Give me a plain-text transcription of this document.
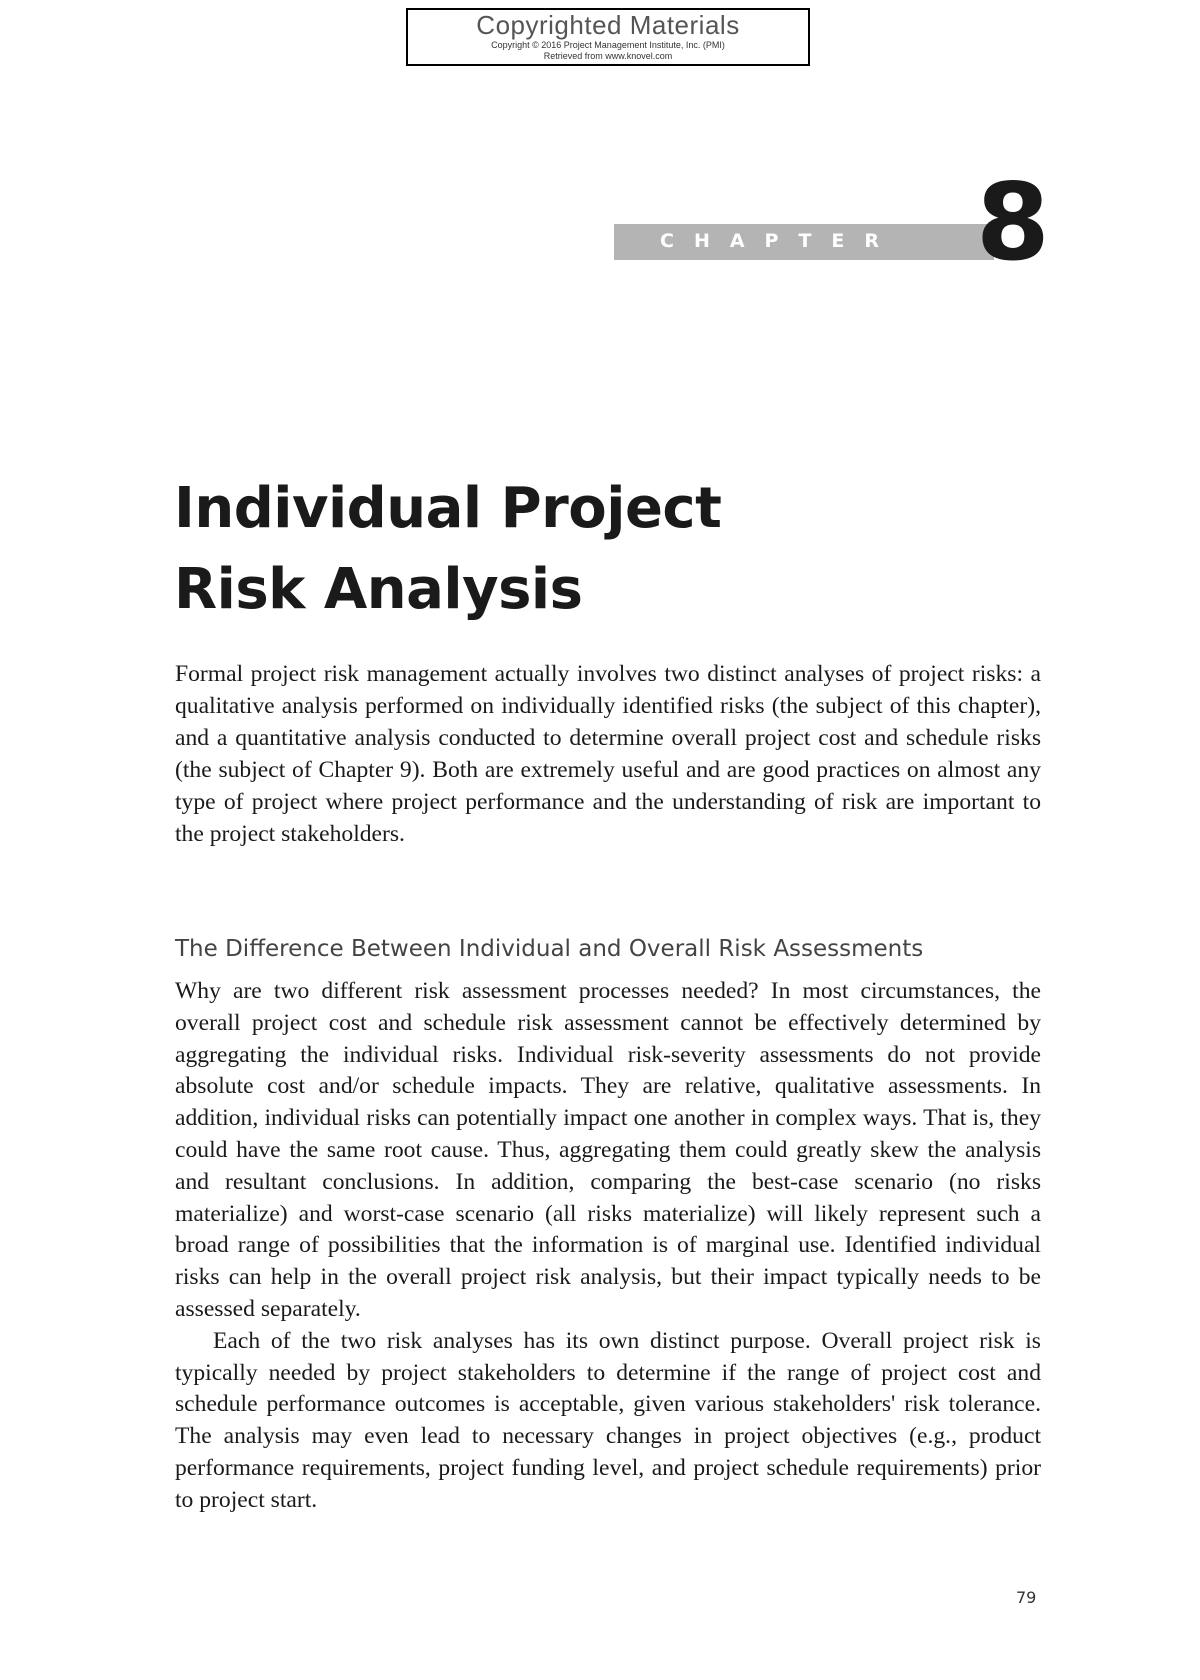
Copyrighted Materials
Copyright © 2016 Project Management Institute, Inc. (PMI)
Retrieved from www.knovel.com
CHAPTER 8
Individual Project
Risk Analysis

Formal project risk management actually involves two distinct analyses of project risks: a qualitative analysis performed on individually identified risks (the subject of this chapter), and a quantitative analysis conducted to determine overall project cost and schedule risks (the subject of Chapter 9). Both are extremely useful and are good practices on almost any type of project where project performance and the understanding of risk are important to the project stakeholders.

The Difference Between Individual and Overall Risk Assessments

Why are two different risk assessment processes needed? In most circumstances, the overall project cost and schedule risk assessment cannot be effectively determined by aggregating the individual risks. Individual risk-severity assessments do not provide absolute cost and/or schedule impacts. They are relative, qualitative assessments. In addition, individual risks can potentially impact one another in complex ways. That is, they could have the same root cause. Thus, aggregating them could greatly skew the analysis and resultant conclusions. In addition, comparing the best-case scenario (no risks materialize) and worst-case scenario (all risks materialize) will likely represent such a broad range of possibilities that the information is of marginal use. Identified individual risks can help in the overall project risk analysis, but their impact typically needs to be assessed separately.

Each of the two risk analyses has its own distinct purpose. Overall project risk is typically needed by project stakeholders to determine if the range of project cost and schedule performance outcomes is acceptable, given various stakeholders' risk tolerance. The analysis may even lead to necessary changes in project objectives (e.g., product performance requirements, project funding level, and project schedule requirements) prior to project start.

79
